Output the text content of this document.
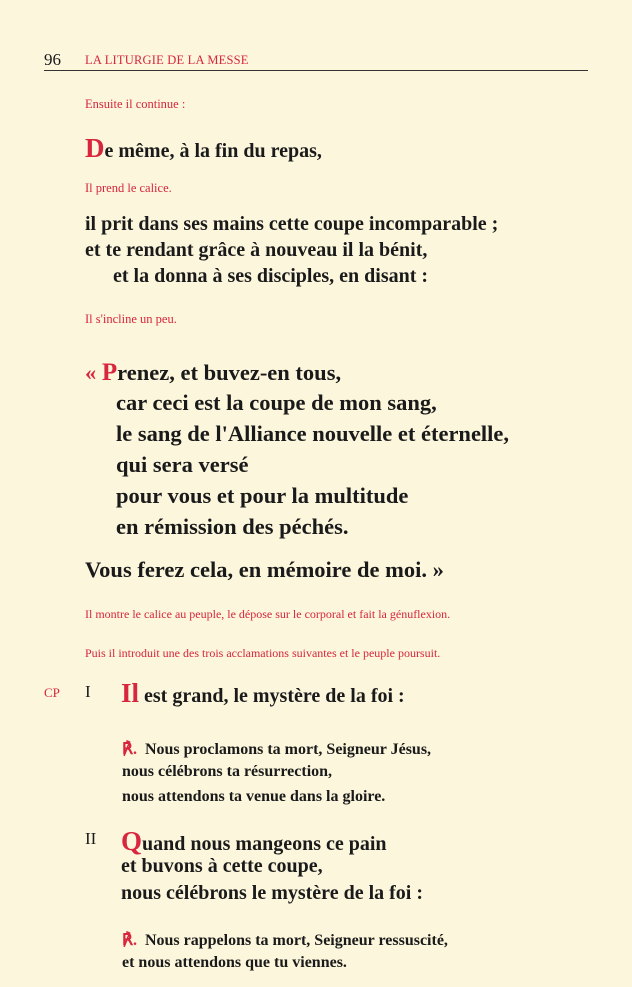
96 LA LITURGIE DE LA MESSE
Ensuite il continue :
De même, à la fin du repas,
Il prend le calice.
il prit dans ses mains cette coupe incomparable ;
et te rendant grâce à nouveau il la bénit,
et la donna à ses disciples, en disant :
Il s'incline un peu.
« Prenez, et buvez-en tous,
car ceci est la coupe de mon sang,
le sang de l'Alliance nouvelle et éternelle,
qui sera versé
pour vous et pour la multitude
en rémission des péchés.
Vous ferez cela, en mémoire de moi. »
Il montre le calice au peuple, le dépose sur le corporal et fait la génuflexion.
Puis il introduit une des trois acclamations suivantes et le peuple poursuit.
CP I Il est grand, le mystère de la foi :
℟. Nous proclamons ta mort, Seigneur Jésus,
nous célébrons ta résurrection,
nous attendons ta venue dans la gloire.
II Quand nous mangeons ce pain
et buvons à cette coupe,
nous célébrons le mystère de la foi :
℟. Nous rappelons ta mort, Seigneur ressuscité,
et nous attendons que tu viennes.
